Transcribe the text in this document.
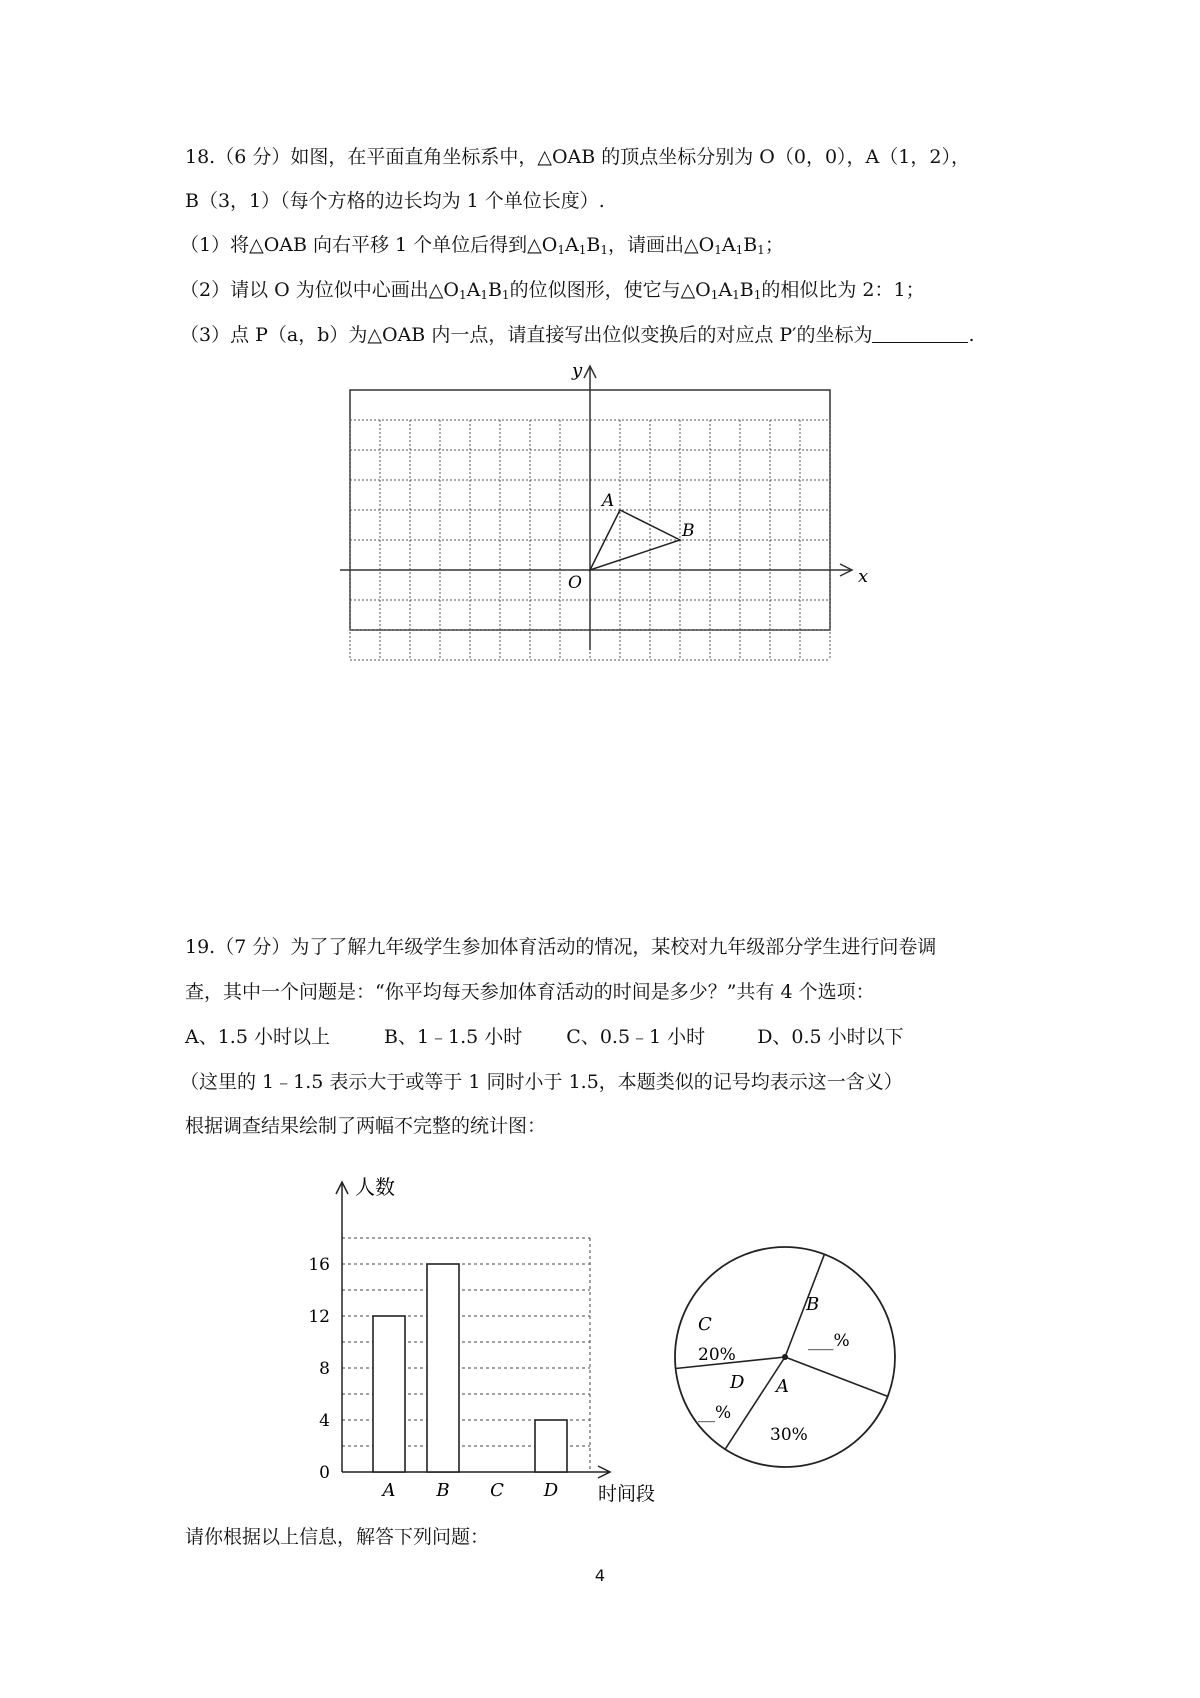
18.（6 分）如图，在平面直角坐标系中，△OAB 的顶点坐标分别为 O（0，0），A（1，2），
B（3，1）（每个方格的边长均为 1 个单位长度）.
（1）将△OAB 向右平移 1 个单位后得到$\triangle O_1A_1B_1$，请画出$\triangle O_1A_1B_1$；
（2）请以 O 为位似中心画出$\triangle O_1A_1B_1$的位似图形，使它与$\triangle O_1A_1B_1$的相似比为 2：1；
（3）点 P（a，b）为△OAB 内一点，请直接写出位似变换后的对应点 P′的坐标为	.
x
y
O
A
B
19.（7 分）为了了解九年级学生参加体育活动的情况，某校对九年级部分学生进行问卷调
查，其中一个问题是：“你平均每天参加体育活动的时间是多少？”共有 4 个选项：
A、1.5 小时以上	B、1﹣1.5 小时 C、0.5﹣1 小时	D、0.5 小时以下
（这里的 1﹣1.5 表示大于或等于 1 同时小于 1.5，本题类似的记号均表示这一含义）
根据调查结果绘制了两幅不完整的统计图：
0
4
8
12
16
A B C D
人数
时间段
C
20%
B
___%
D
__%
A
30%
请你根据以上信息，解答下列问题：
4
